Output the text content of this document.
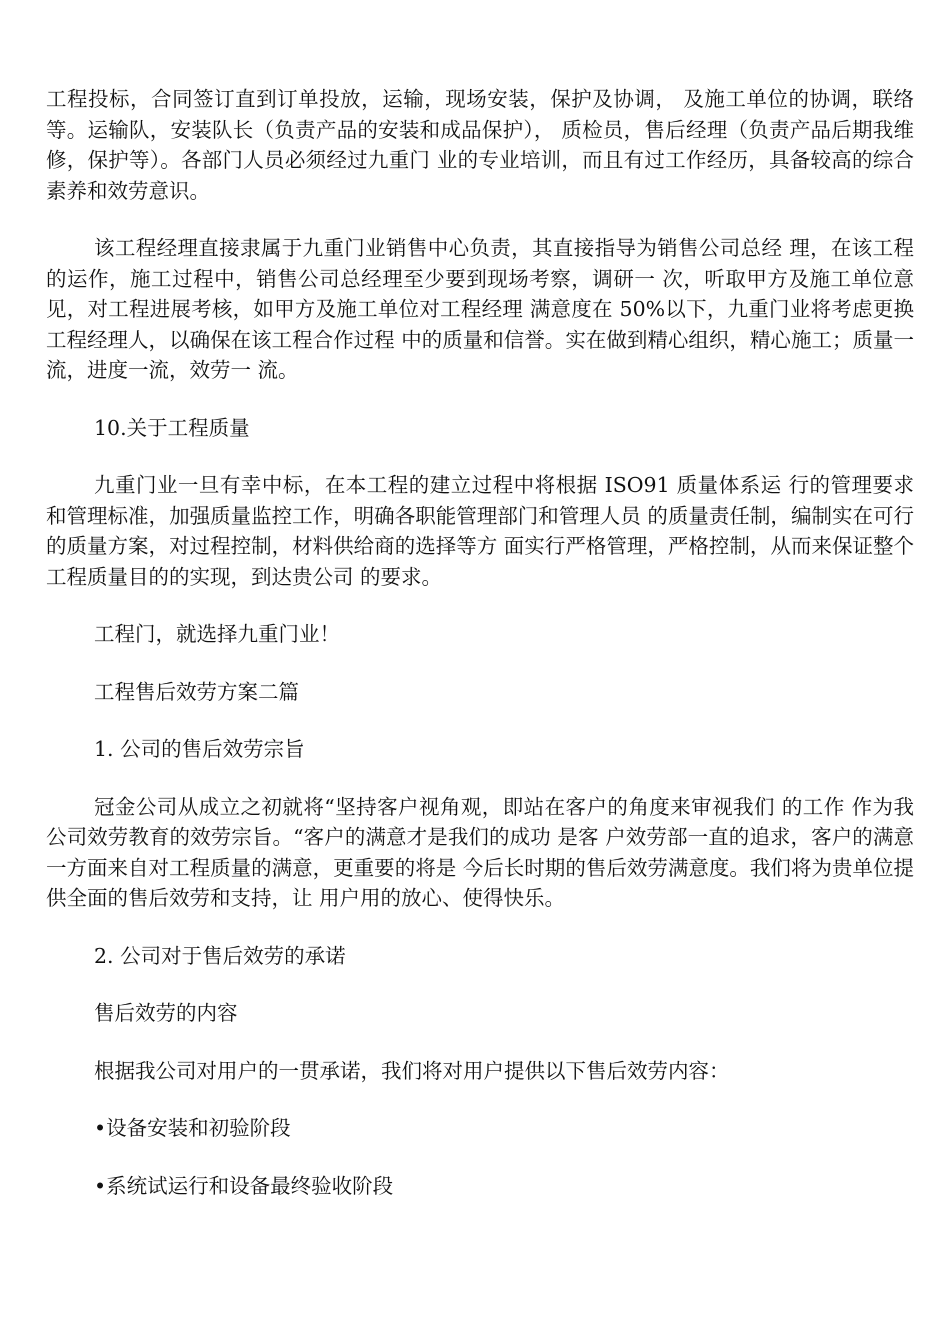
工程投标，合同签订直到订单投放，运输，现场安装，保护及协调， 及施工单位的协调，联络等。运输队，安装队长（负责产品的安装和成品保护）， 质检员，售后经理（负责产品后期我维修，保护等）。各部门人员必须经过九重门 业的专业培训，而且有过工作经历，具备较高的综合素养和效劳意识。

该工程经理直接隶属于九重门业销售中心负责，其直接指导为销售公司总经 理，在该工程的运作，施工过程中，销售公司总经理至少要到现场考察，调研一 次，听取甲方及施工单位意见，对工程进展考核，如甲方及施工单位对工程经理 满意度在 50%以下，九重门业将考虑更换工程经理人，以确保在该工程合作过程 中的质量和信誉。实在做到精心组织，精心施工；质量一流，进度一流，效劳一 流。

10.关于工程质量

九重门业一旦有幸中标，在本工程的建立过程中将根据 ISO91 质量体系运 行的管理要求和管理标准，加强质量监控工作，明确各职能管理部门和管理人员 的质量责任制，编制实在可行的质量方案，对过程控制，材料供给商的选择等方 面实行严格管理，严格控制，从而来保证整个工程质量目的的实现，到达贵公司 的要求。

工程门，就选择九重门业！

工程售后效劳方案二篇

1. 公司的售后效劳宗旨

冠金公司从成立之初就将“坚持客户视角观，即站在客户的角度来审视我们 的工作 作为我公司效劳教育的效劳宗旨。“客户的满意才是我们的成功 是客 户效劳部一直的追求，客户的满意一方面来自对工程质量的满意，更重要的将是 今后长时期的售后效劳满意度。我们将为贵单位提供全面的售后效劳和支持，让 用户用的放心、使得快乐。

2. 公司对于售后效劳的承诺

售后效劳的内容

根据我公司对用户的一贯承诺，我们将对用户提供以下售后效劳内容：

•设备安装和初验阶段

•系统试运行和设备最终验收阶段
